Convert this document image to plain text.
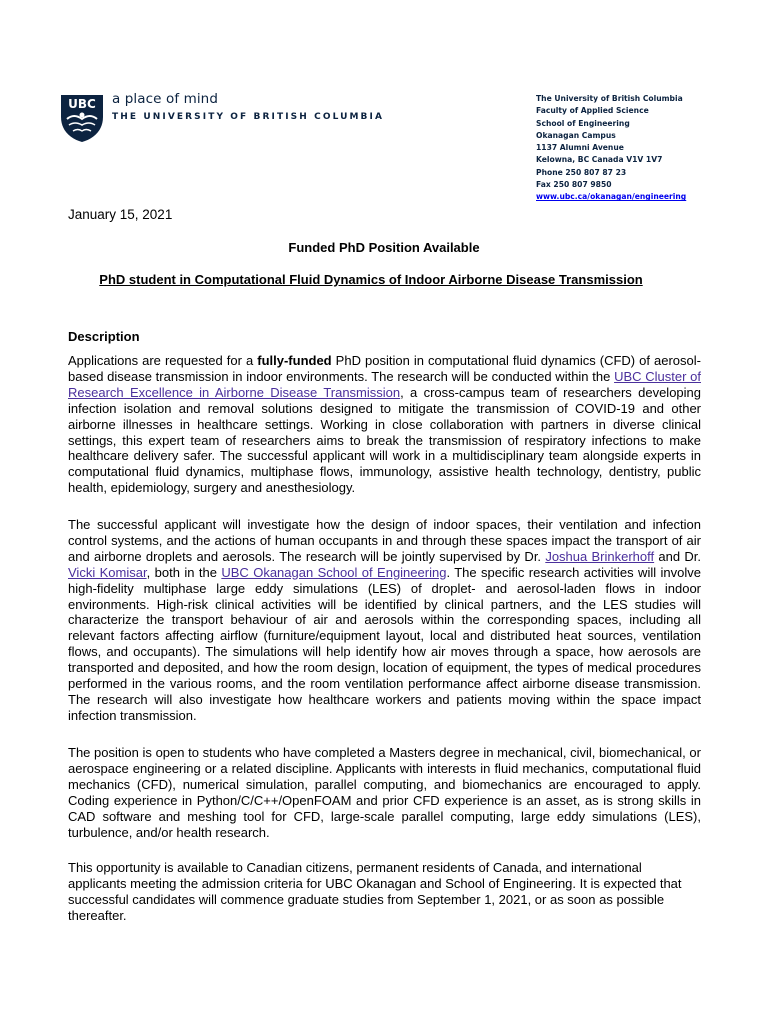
UBC a place of mind
THE UNIVERSITY OF BRITISH COLUMBIA
The University of British Columbia
Faculty of Applied Science
School of Engineering
Okanagan Campus
1137 Alumni Avenue
Kelowna, BC Canada V1V 1V7
Phone 250 807 87 23
Fax 250 807 9850
www.ubc.ca/okanagan/engineering
January 15, 2021
Funded PhD Position Available
PhD student in Computational Fluid Dynamics of Indoor Airborne Disease Transmission
Description
Applications are requested for a fully-funded PhD position in computational fluid dynamics (CFD) of aerosol-based disease transmission in indoor environments. The research will be conducted within the UBC Cluster of Research Excellence in Airborne Disease Transmission, a cross-campus team of researchers developing infection isolation and removal solutions designed to mitigate the transmission of COVID-19 and other airborne illnesses in healthcare settings. Working in close collaboration with partners in diverse clinical settings, this expert team of researchers aims to break the transmission of respiratory infections to make healthcare delivery safer. The successful applicant will work in a multidisciplinary team alongside experts in computational fluid dynamics, multiphase flows, immunology, assistive health technology, dentistry, public health, epidemiology, surgery and anesthesiology.
The successful applicant will investigate how the design of indoor spaces, their ventilation and infection control systems, and the actions of human occupants in and through these spaces impact the transport of air and airborne droplets and aerosols. The research will be jointly supervised by Dr. Joshua Brinkerhoff and Dr. Vicki Komisar, both in the UBC Okanagan School of Engineering. The specific research activities will involve high-fidelity multiphase large eddy simulations (LES) of droplet- and aerosol-laden flows in indoor environments. High-risk clinical activities will be identified by clinical partners, and the LES studies will characterize the transport behaviour of air and aerosols within the corresponding spaces, including all relevant factors affecting airflow (furniture/equipment layout, local and distributed heat sources, ventilation flows, and occupants). The simulations will help identify how air moves through a space, how aerosols are transported and deposited, and how the room design, location of equipment, the types of medical procedures performed in the various rooms, and the room ventilation performance affect airborne disease transmission. The research will also investigate how healthcare workers and patients moving within the space impact infection transmission.
The position is open to students who have completed a Masters degree in mechanical, civil, biomechanical, or aerospace engineering or a related discipline. Applicants with interests in fluid mechanics, computational fluid mechanics (CFD), numerical simulation, parallel computing, and biomechanics are encouraged to apply. Coding experience in Python/C/C++/OpenFOAM and prior CFD experience is an asset, as is strong skills in CAD software and meshing tool for CFD, large-scale parallel computing, large eddy simulations (LES), turbulence, and/or health research.
This opportunity is available to Canadian citizens, permanent residents of Canada, and international applicants meeting the admission criteria for UBC Okanagan and School of Engineering. It is expected that successful candidates will commence graduate studies from September 1, 2021, or as soon as possible thereafter.
